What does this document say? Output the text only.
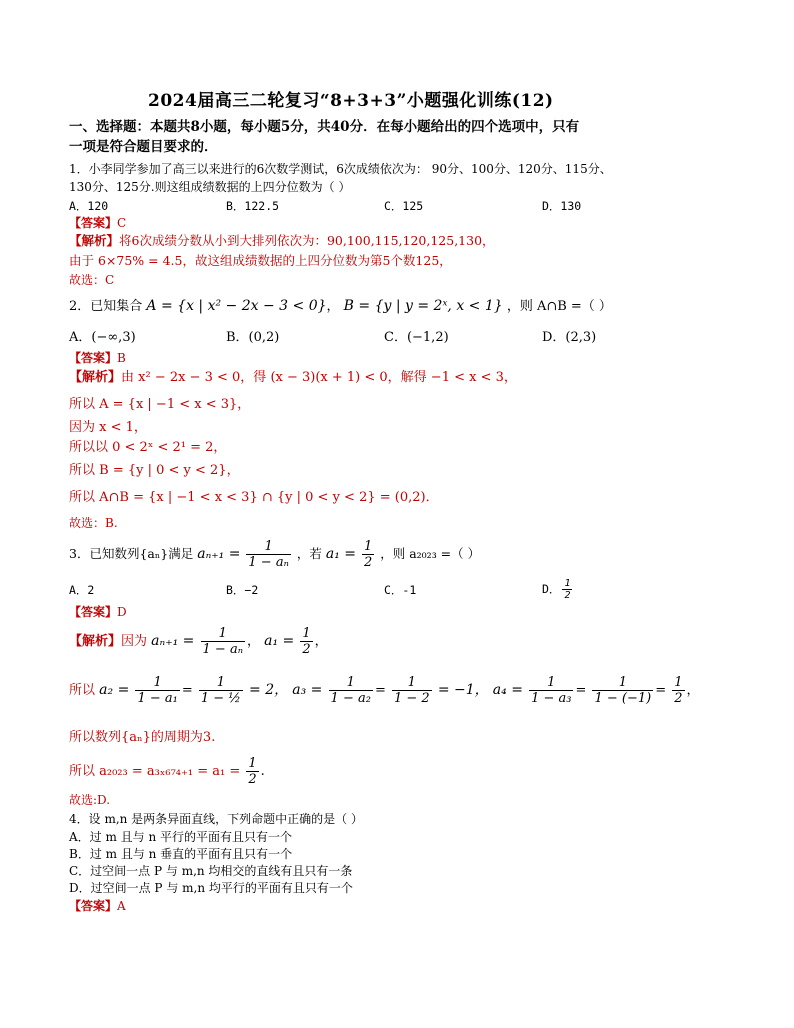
2024届高三二轮复习“8+3+3”小题强化训练(12)
一、选择题：本题共8小题，每小题5分，共40分．在每小题给出的四个选项中，只有
一项是符合题目要求的．
1．小李同学参加了高三以来进行的6次数学测试，6次成绩依次为： 90分、100分、120分、115分、
130分、125分.则这组成绩数据的上四分位数为（ ）
A．120	B．122.5	C．125	D．130
【答案】C
【解析】将6次成绩分数从小到大排列依次为：90,100,115,120,125,130，
由于 6×75% = 4.5，故这组成绩数据的上四分位数为第5个数125，
故选：C
2．已知集合 A = {x | x² − 2x − 3 < 0}， B = {y | y = 2ˣ, x < 1} ，则 A∩B =（ ）
A．(−∞,3)	B．(0,2)	C．(−1,2)	D．(2,3)
【答案】B
【解析】由 x² − 2x − 3 < 0，得 (x − 3)(x + 1) < 0，解得 −1 < x < 3，
所以 A = {x | −1 < x < 3}，
因为 x < 1，
所以以 0 < 2ˣ < 2¹ = 2，
所以 B = {y | 0 < y < 2}，
所以 A∩B = {x | −1 < x < 3} ∩ {y | 0 < y < 2} = (0,2)．
故选：B.
3．已知数列{aₙ}满足 $a_{n+1} = \frac{1}{\text{1 − aₙ}}$ ，若 $a_1 = \frac{1}{2}$ ，则 a₂₀₂₃ =（ ）
A．2	B．−2	C．-1	D． $\frac{1}{2}$
【答案】D
【解析】因为 $a_{n+1} = \frac{1}{\text{1 − aₙ}}$ ， $a_1 = \frac{1}{2}$ ，
所以 $a_2 = \frac{1}{\text{1 − a₁}} = \frac{1}{\text{1 − ½}} = 2$， $a_3 = \frac{1}{\text{1 − a₂}} = \frac{1}{1 - 2} = -1$， $a_4 = \frac{1}{\text{1 − a₃}} = \frac{1}{1 - (-1)} = \frac{1}{2}$ ，
所以数列{aₙ}的周期为3.
所以 $a_{2023} = a_{3x674+1} = a_1 = \frac{1}{2}$ .
故选:D.
4．设 m,n 是两条异面直线，下列命题中正确的是（ ）
A．过 m 且与 n 平行的平面有且只有一个
B．过 m 且与 n 垂直的平面有且只有一个
C．过空间一点 P 与 m,n 均相交的直线有且只有一条
D．过空间一点 P 与 m,n 均平行的平面有且只有一个
【答案】A
